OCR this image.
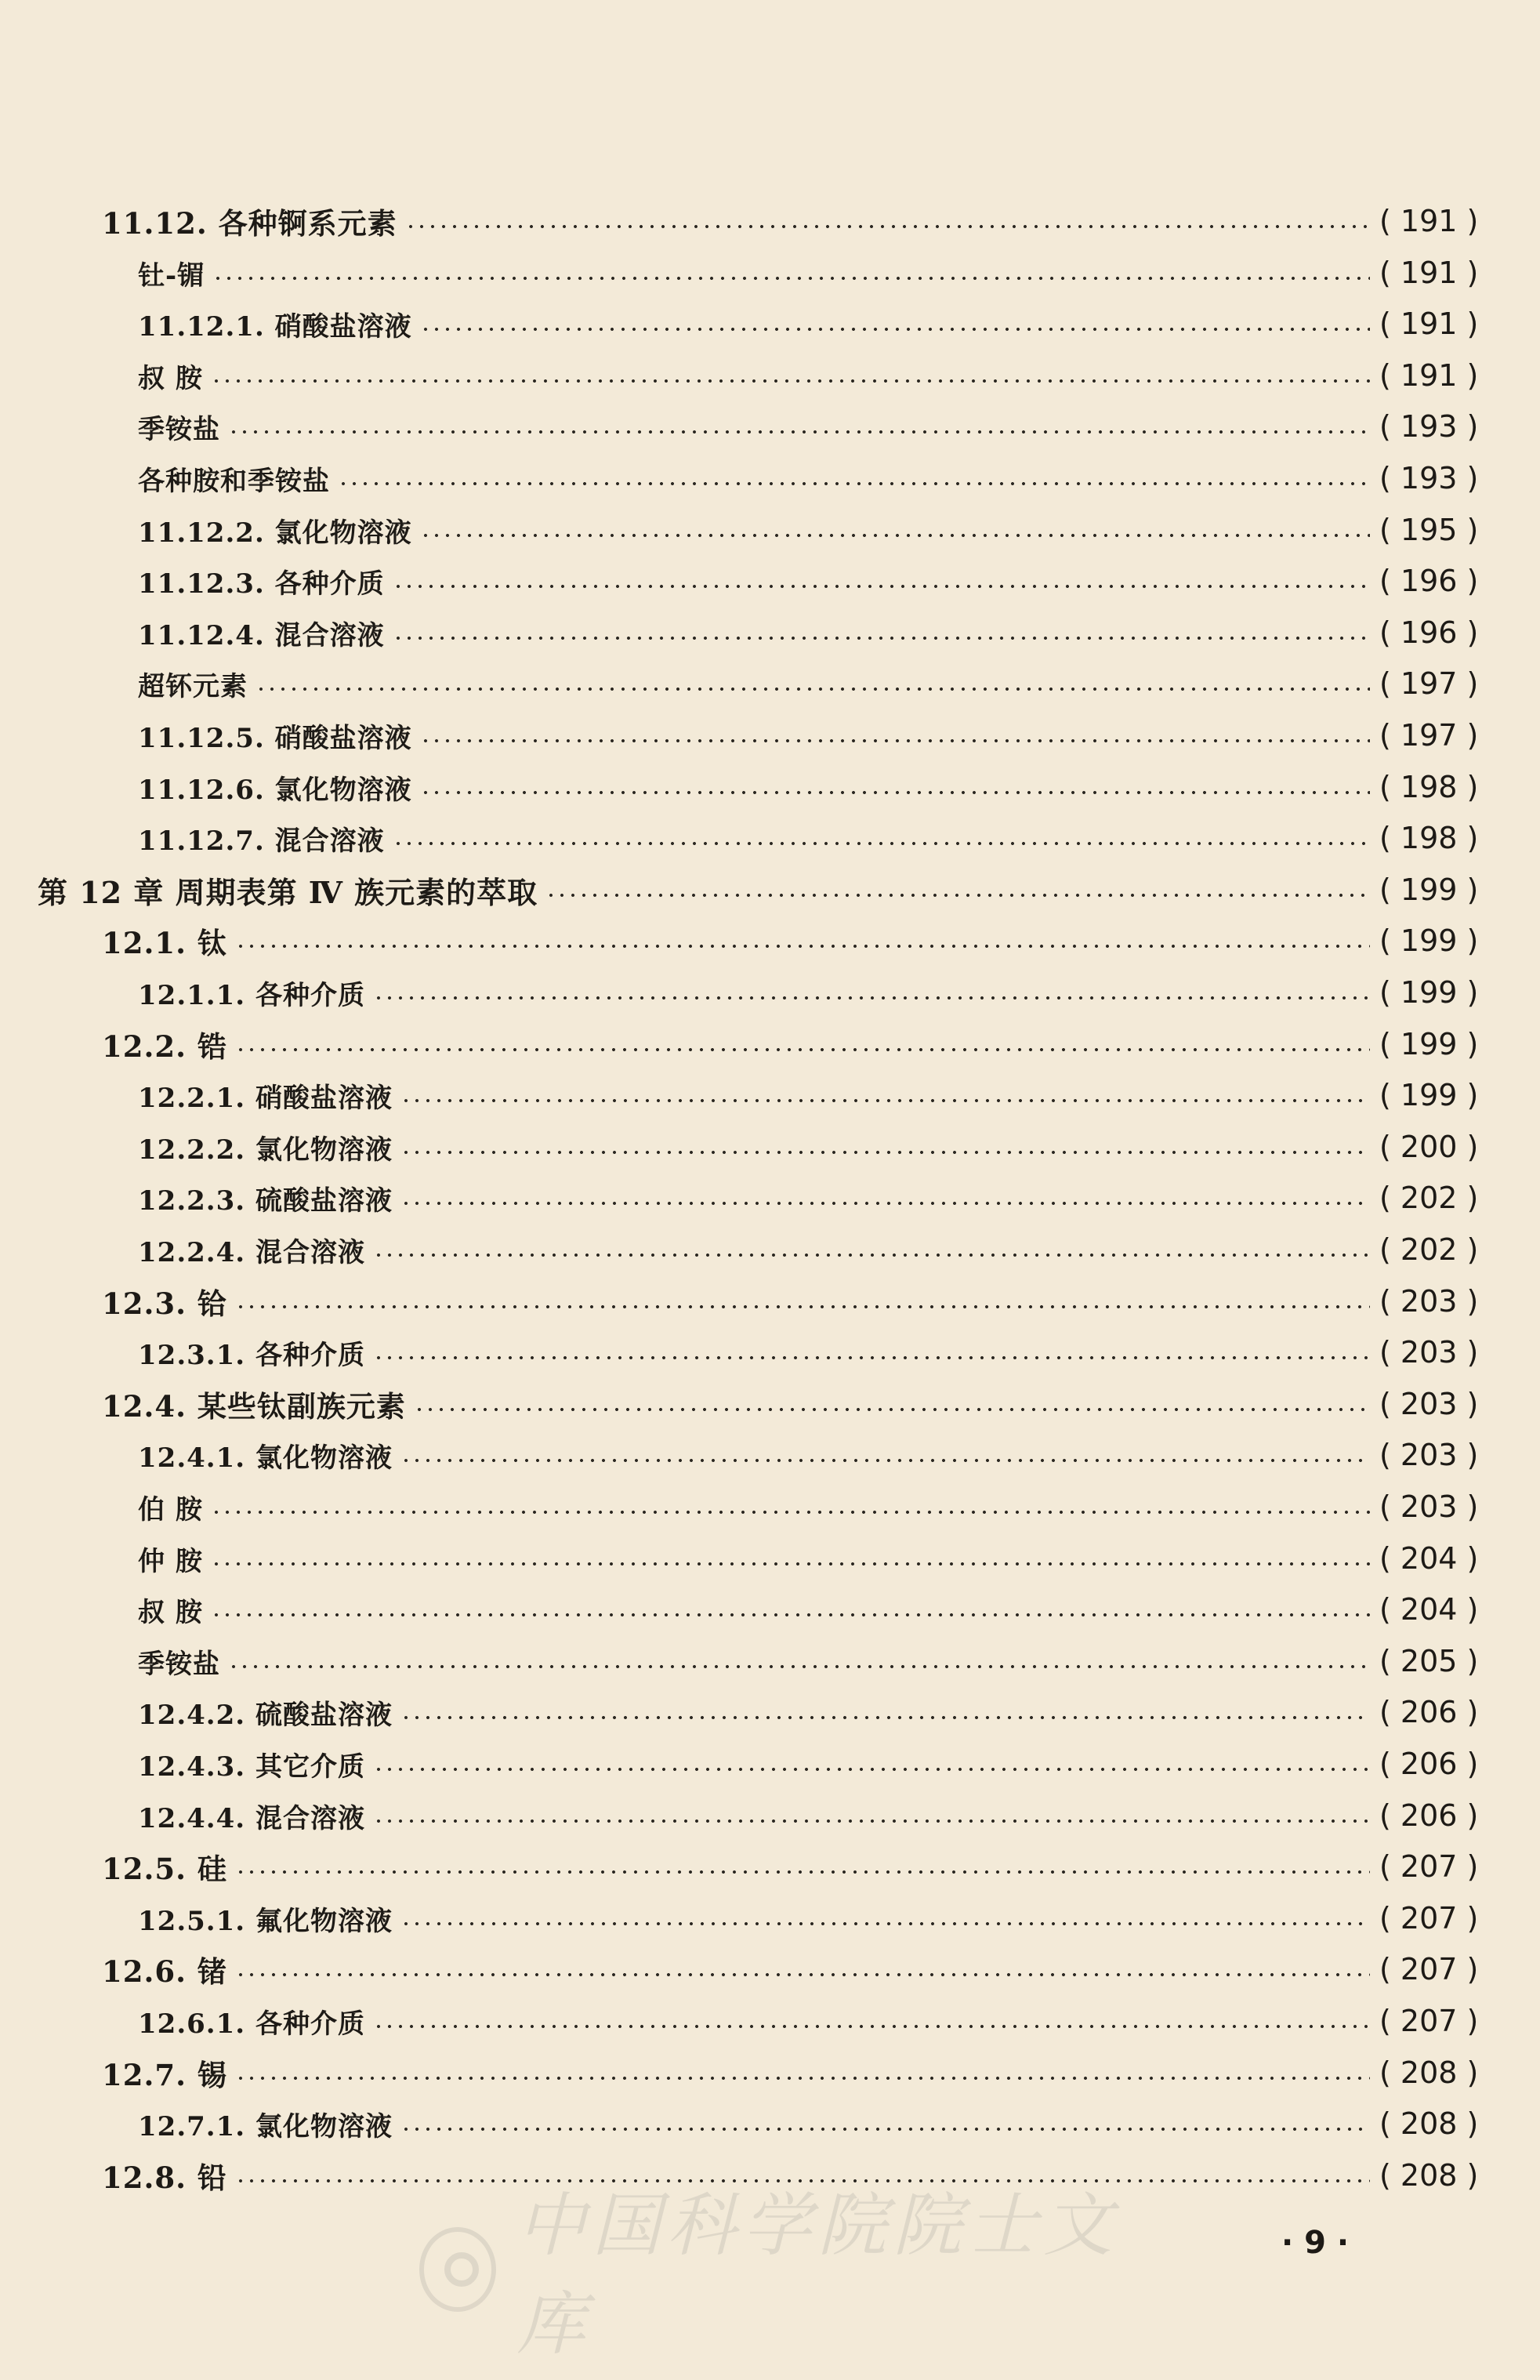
11.12. 各种锕系元素	( 191 )
钍-镅	( 191 )
11.12.1. 硝酸盐溶液	( 191 )
叔 胺	( 191 )
季铵盐	( 193 )
各种胺和季铵盐	( 193 )
11.12.2. 氯化物溶液	( 195 )
11.12.3. 各种介质	( 196 )
11.12.4. 混合溶液	( 196 )
超钚元素	( 197 )
11.12.5. 硝酸盐溶液	( 197 )
11.12.6. 氯化物溶液	( 198 )
11.12.7. 混合溶液	( 198 )
第 12 章 周期表第 Ⅳ 族元素的萃取	( 199 )
12.1. 钛	( 199 )
12.1.1. 各种介质	( 199 )
12.2. 锆	( 199 )
12.2.1. 硝酸盐溶液	( 199 )
12.2.2. 氯化物溶液	( 200 )
12.2.3. 硫酸盐溶液	( 202 )
12.2.4. 混合溶液	( 202 )
12.3. 铪	( 203 )
12.3.1. 各种介质	( 203 )
12.4. 某些钛副族元素	( 203 )
12.4.1. 氯化物溶液	( 203 )
伯 胺	( 203 )
仲 胺	( 204 )
叔 胺	( 204 )
季铵盐	( 205 )
12.4.2. 硫酸盐溶液	( 206 )
12.4.3. 其它介质	( 206 )
12.4.4. 混合溶液	( 206 )
12.5. 硅	( 207 )
12.5.1. 氟化物溶液	( 207 )
12.6. 锗	( 207 )
12.6.1. 各种介质	( 207 )
12.7. 锡	( 208 )
12.7.1. 氯化物溶液	( 208 )
12.8. 铅	( 208 )
中国科学院院士文库
· 9 ·
